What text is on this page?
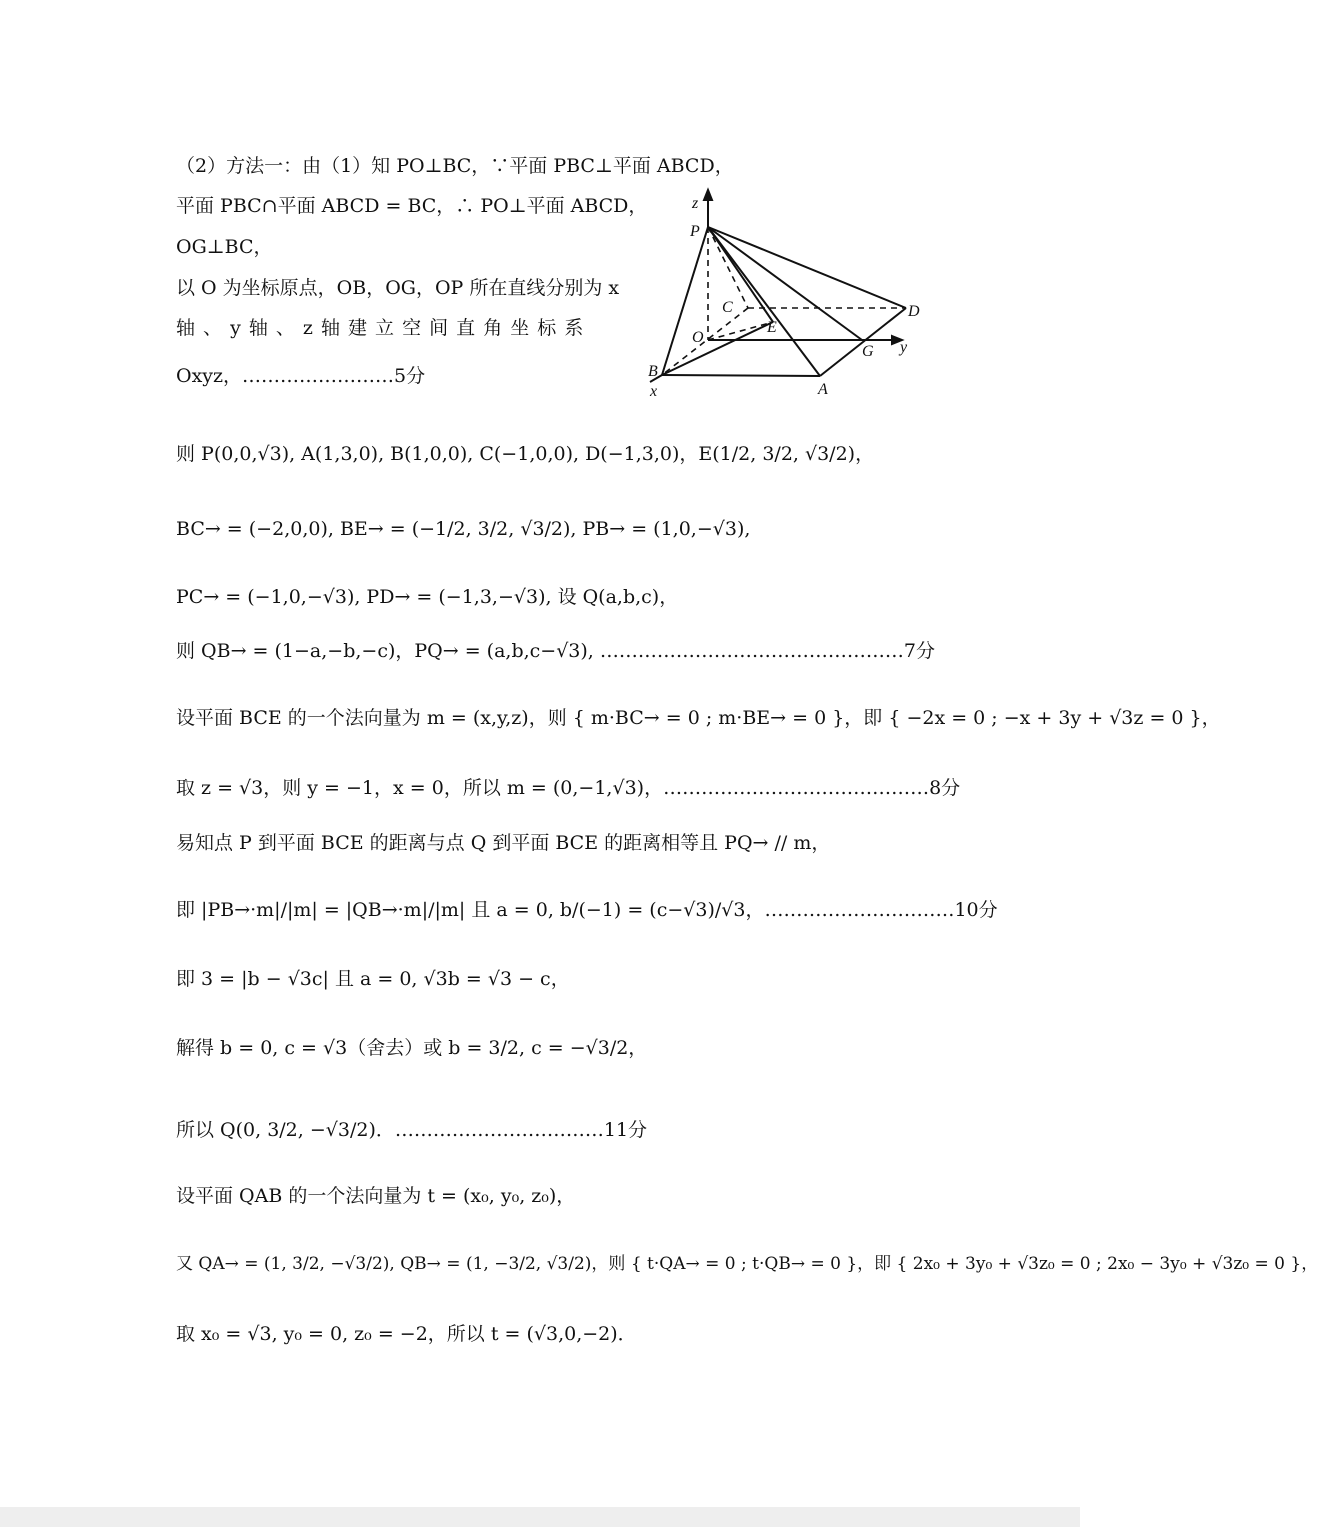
（2）方法一：由（1）知 PO⊥BC，∵平面 PBC⊥平面 ABCD，
平面 PBC∩平面 ABCD = BC，∴ PO⊥平面 ABCD，
OG⊥BC，
以 O 为坐标原点，OB，OG，OP 所在直线分别为 x
轴 、 y 轴 、 z 轴 建 立 空 间 直 角 坐 标 系
Oxyz，……………………5分
则 P(0,0,√3), A(1,3,0), B(1,0,0), C(−1,0,0), D(−1,3,0)，E(1/2, 3/2, √3/2)，
BC→ = (−2,0,0), BE→ = (−1/2, 3/2, √3/2), PB→ = (1,0,−√3),
PC→ = (−1,0,−√3), PD→ = (−1,3,−√3), 设 Q(a,b,c)，
则 QB→ = (1−a,−b,−c)，PQ→ = (a,b,c−√3), …………………………………………7分
设平面 BCE 的一个法向量为 m = (x,y,z)，则 { m·BC→ = 0 ; m·BE→ = 0 }，即 { −2x = 0 ; −x + 3y + √3z = 0 }，
取 z = √3，则 y = −1，x = 0，所以 m = (0,−1,√3)，……………………………………8分
易知点 P 到平面 BCE 的距离与点 Q 到平面 BCE 的距离相等且 PQ→ // m，
即 |PB→·m|/|m| = |QB→·m|/|m| 且 a = 0, b/(−1) = (c−√3)/√3，…………………………10分
即 3 = |b − √3c| 且 a = 0, √3b = √3 − c，
解得 b = 0, c = √3（舍去）或 b = 3/2, c = −√3/2，
所以 Q(0, 3/2, −√3/2)．……………………………11分
设平面 QAB 的一个法向量为 t = (x₀, y₀, z₀)，
又 QA→ = (1, 3/2, −√3/2), QB→ = (1, −3/2, √3/2)，则 { t·QA→ = 0 ; t·QB→ = 0 }，即 { 2x₀ + 3y₀ + √3z₀ = 0 ; 2x₀ − 3y₀ + √3z₀ = 0 }，
取 x₀ = √3, y₀ = 0, z₀ = −2，所以 t = (√3,0,−2)．
z
P
C
E
D
O
G y
B
x	A
